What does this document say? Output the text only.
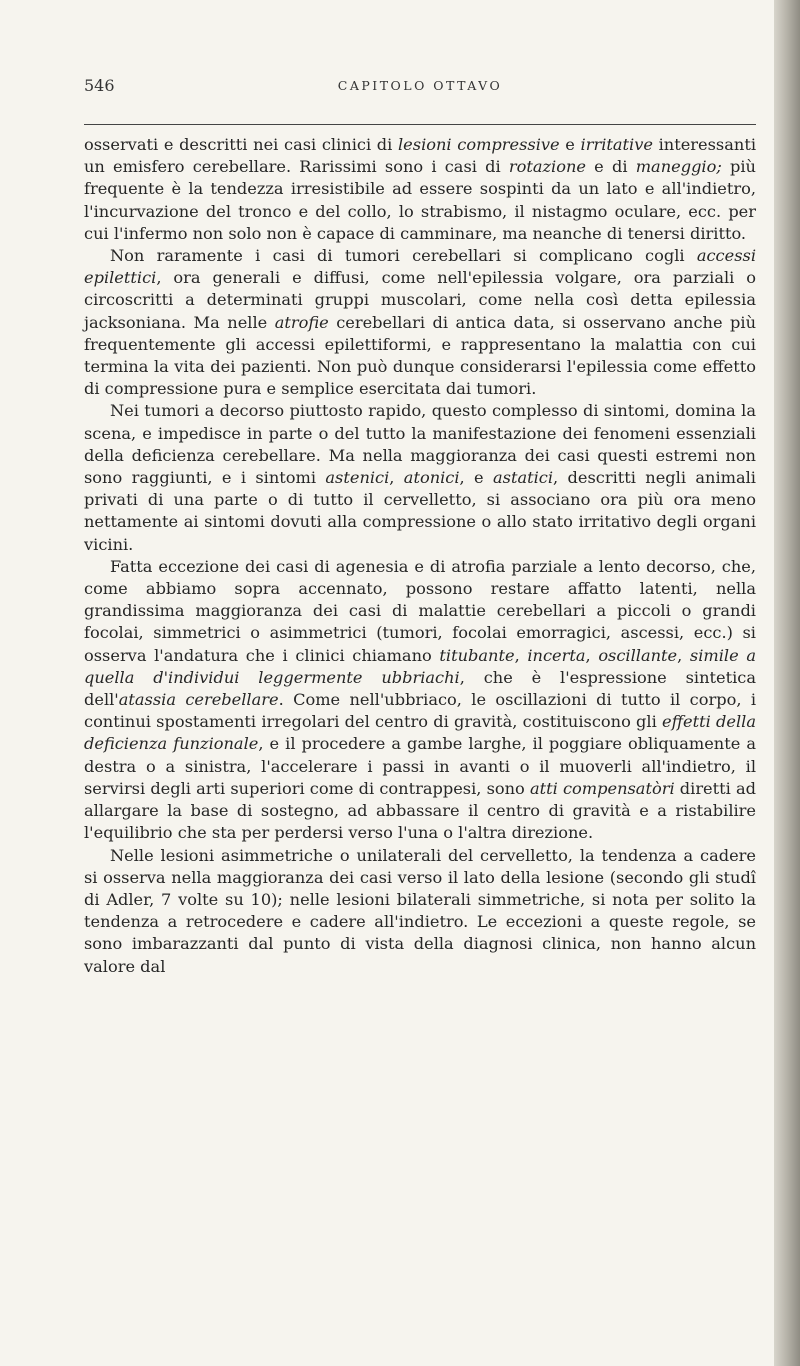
546	CAPITOLO OTTAVO

osservati e descritti nei casi clinici di lesioni compressive e irritative interessanti un emisfero cerebellare. Rarissimi sono i casi di rotazione e di maneggio; più frequente è la tendezza irresistibile ad essere sospinti da un lato e all'indietro, l'incurvazione del tronco e del collo, lo strabismo, il nistagmo oculare, ecc. per cui l'infermo non solo non è capace di camminare, ma neanche di tenersi diritto.

Non raramente i casi di tumori cerebellari si complicano cogli accessi epilettici, ora generali e diffusi, come nell'epilessia volgare, ora parziali o circoscritti a determinati gruppi muscolari, come nella così detta epilessia jacksoniana. Ma nelle atrofie cerebellari di antica data, si osservano anche più frequentemente gli accessi epilettiformi, e rappresentano la malattia con cui termina la vita dei pazienti. Non può dunque considerarsi l'epilessia come effetto di compressione pura e semplice esercitata dai tumori.

Nei tumori a decorso piuttosto rapido, questo complesso di sintomi, domina la scena, e impedisce in parte o del tutto la manifestazione dei fenomeni essenziali della deficienza cerebellare. Ma nella maggioranza dei casi questi estremi non sono raggiunti, e i sintomi astenici, atonici, e astatici, descritti negli animali privati di una parte o di tutto il cervelletto, si associano ora più ora meno nettamente ai sintomi dovuti alla compressione o allo stato irritativo degli organi vicini.

Fatta eccezione dei casi di agenesia e di atrofia parziale a lento decorso, che, come abbiamo sopra accennato, possono restare affatto latenti, nella grandissima maggioranza dei casi di malattie cerebellari a piccoli o grandi focolai, simmetrici o asimmetrici (tumori, focolai emorragici, ascessi, ecc.) si osserva l'andatura che i clinici chiamano titubante, incerta, oscillante, simile a quella d'individui leggermente ubbriachi, che è l'espressione sintetica dell'atassia cerebellare. Come nell'ubbriaco, le oscillazioni di tutto il corpo, i continui spostamenti irregolari del centro di gravità, costituiscono gli effetti della deficienza funzionale, e il procedere a gambe larghe, il poggiare obliquamente a destra o a sinistra, l'accelerare i passi in avanti o il muoverli all'indietro, il servirsi degli arti superiori come di contrappesi, sono atti compensatòri diretti ad allargare la base di sostegno, ad abbassare il centro di gravità e a ristabilire l'equilibrio che sta per perdersi verso l'una o l'altra direzione.

Nelle lesioni asimmetriche o unilaterali del cervelletto, la tendenza a cadere si osserva nella maggioranza dei casi verso il lato della lesione (secondo gli studî di Adler, 7 volte su 10); nelle lesioni bilaterali simmetriche, si nota per solito la tendenza a retrocedere e cadere all'indietro. Le eccezioni a queste regole, se sono imbarazzanti dal punto di vista della diagnosi clinica, non hanno alcun valore dal
